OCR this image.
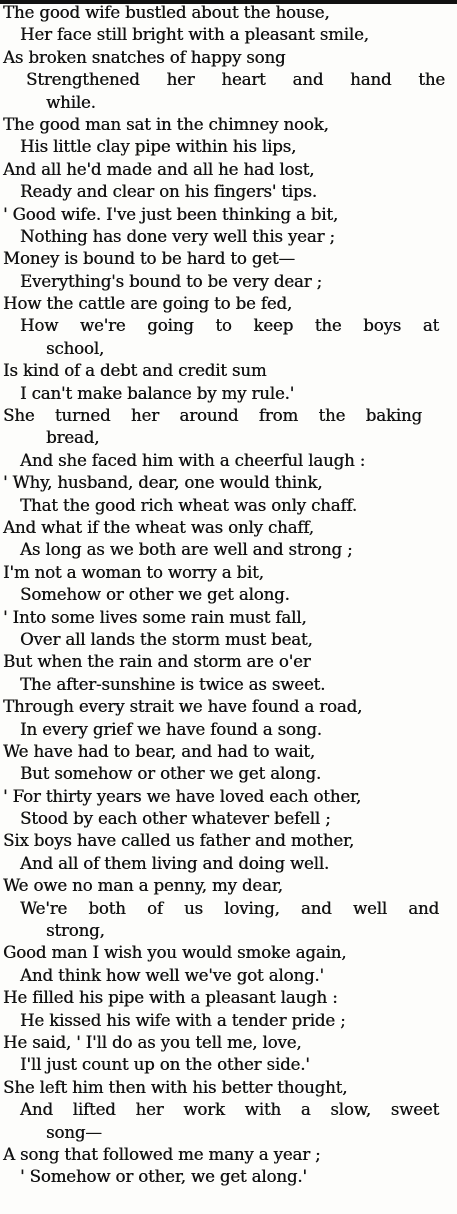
The good wife bustled about the house,
Her face still bright with a pleasant smile,
As broken snatches of happy song
Strengthened her heart and hand the
while.
The good man sat in the chimney nook,
His little clay pipe within his lips,
And all he'd made and all he had lost,
Ready and clear on his fingers' tips.
' Good wife. I've just been thinking a bit,
Nothing has done very well this year ;
Money is bound to be hard to get—
Everything's bound to be very dear ;
How the cattle are going to be fed,
How we're going to keep the boys at
school,
Is kind of a debt and credit sum
I can't make balance by my rule.'
She turned her around from the baking
bread,
And she faced him with a cheerful laugh :
' Why, husband, dear, one would think,
That the good rich wheat was only chaff.
And what if the wheat was only chaff,
As long as we both are well and strong ;
I'm not a woman to worry a bit,
Somehow or other we get along.
' Into some lives some rain must fall,
Over all lands the storm must beat,
But when the rain and storm are o'er
The after-sunshine is twice as sweet.
Through every strait we have found a road,
In every grief we have found a song.
We have had to bear, and had to wait,
But somehow or other we get along.
' For thirty years we have loved each other,
Stood by each other whatever befell ;
Six boys have called us father and mother,
And all of them living and doing well.
We owe no man a penny, my dear,
We're both of us loving, and well and
strong,
Good man I wish you would smoke again,
And think how well we've got along.'
He filled his pipe with a pleasant laugh :
He kissed his wife with a tender pride ;
He said, ' I'll do as you tell me, love,
I'll just count up on the other side.'
She left him then with his better thought,
And lifted her work with a slow, sweet
song—
A song that followed me many a year ;
' Somehow or other, we get along.'
